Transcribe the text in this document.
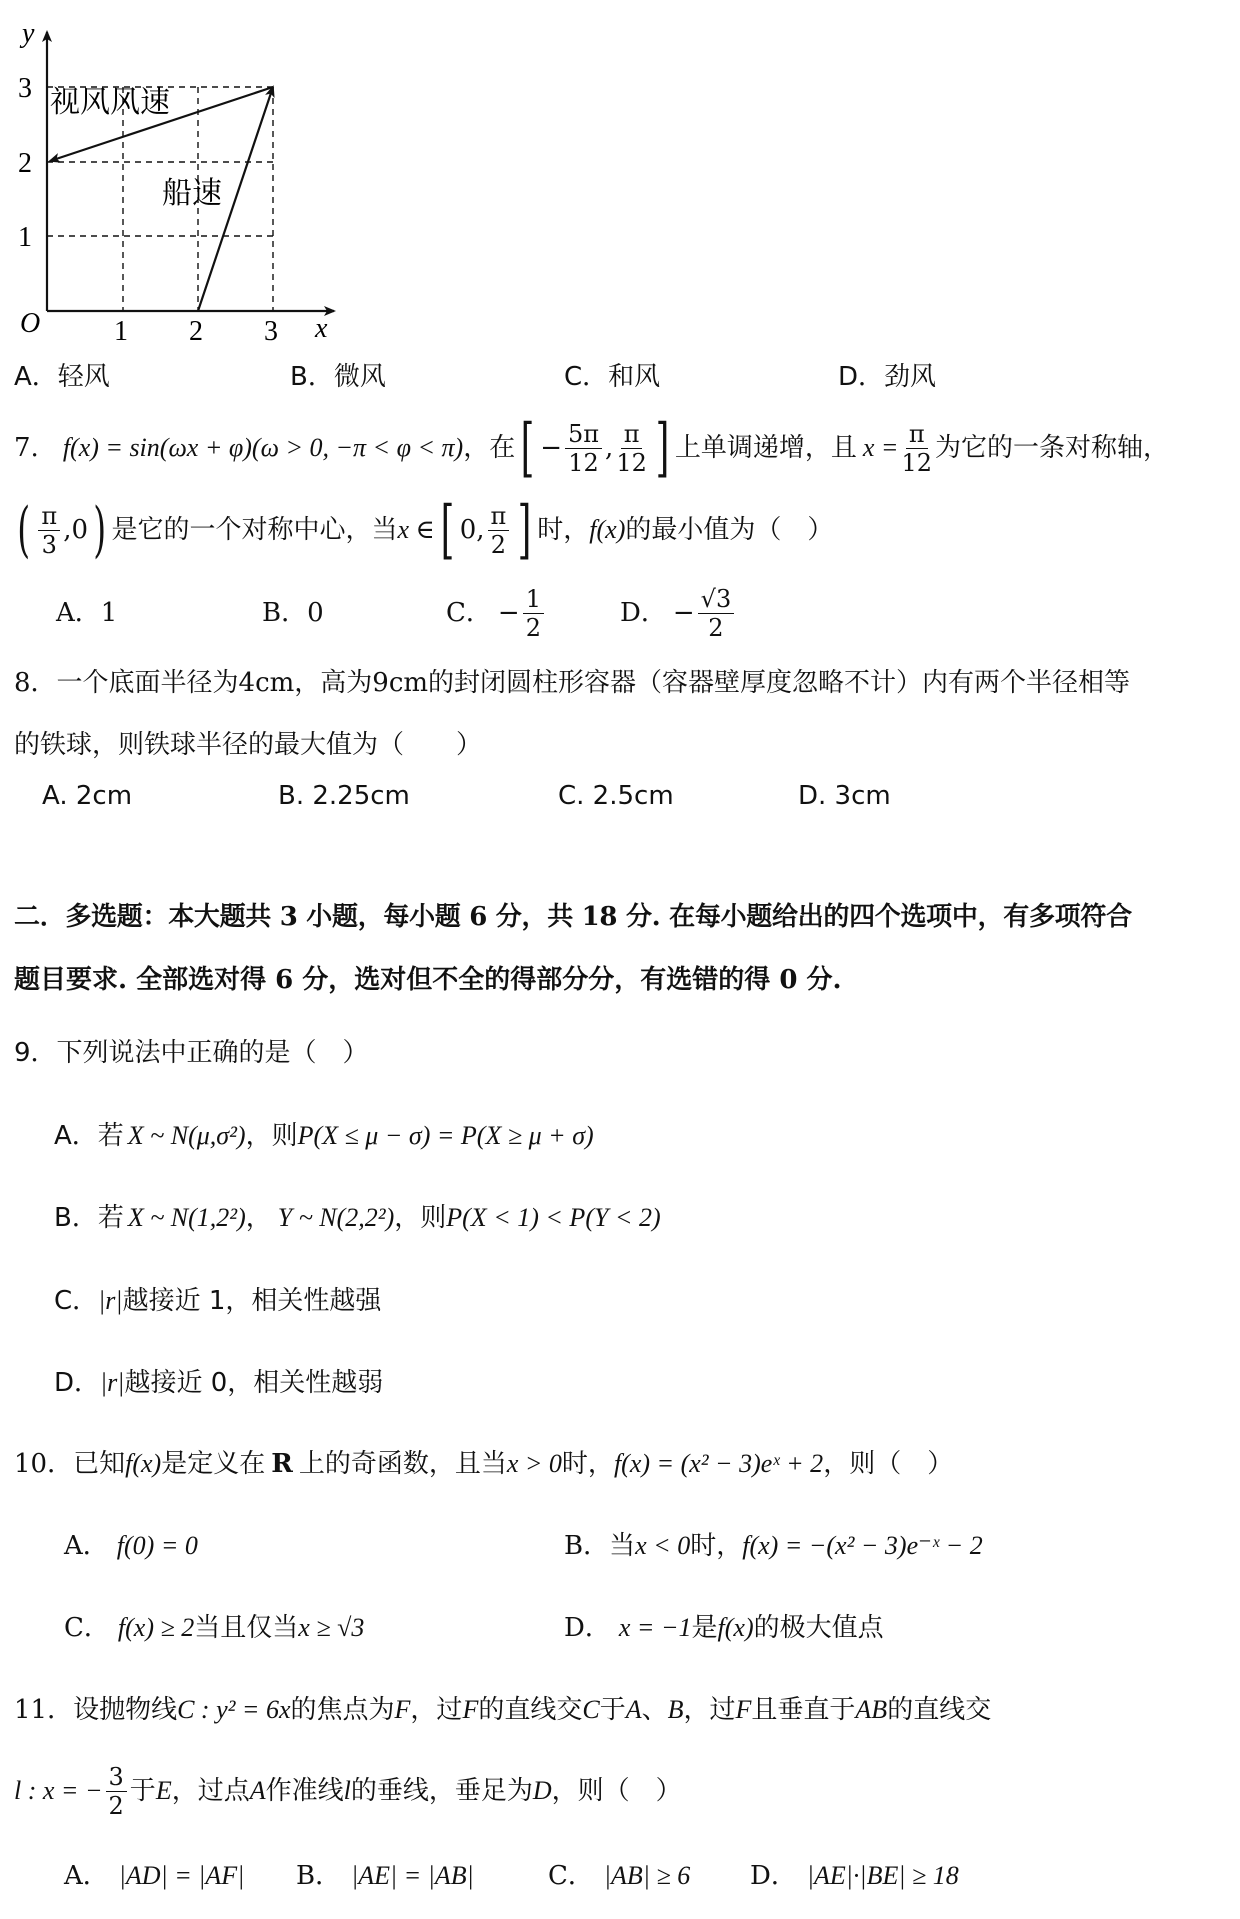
y
x
O
1
2
3
1 2 3
视风风速
船速
A．轻风	B．微风	C．和风	D．劲风
7. f(x) = sin(ωx + φ)(ω > 0, −π < φ < π) ，在 [ − $\frac{5\pi}{12}$ , $\frac{\pi}{12}$ ] 上单调递增，且 $x = \frac{\pi}{12}$ 为它的一条对称轴，
( $\frac{\pi}{3} ,0$ ) 是它的一个对称中心，当 x ∈ [ 0, $\frac{\pi}{2}$ ] 时， f(x) 的最小值为（　）
A．1	B．0	C． − $\frac{1}{2}$	D． − $\frac{√3}{2}$
8．一个底面半径为4cm，高为9cm的封闭圆柱形容器（容器壁厚度忽略不计）内有两个半径相等
的铁球，则铁球半径的最大值为（　　）
A. 2cm	B. 2.25cm	C. 2.5cm	D. 3cm
二．多选题：本大题共 3 小题，每小题 6 分，共 18 分. 在每小题给出的四个选项中，有多项符合
题目要求. 全部选对得 6 分，选对但不全的得部分分，有选错的得 0 分.
9．下列说法中正确的是（　）
A．若 X ~ N(μ,σ²) ，则 P(X ≤ μ − σ) = P(X ≥ μ + σ)
B．若 X ~ N(1,2²) ， Y ~ N(2,2²) ，则 P(X < 1) < P(Y < 2)
C． |r| 越接近 1，相关性越强
D． |r| 越接近 0，相关性越弱
10．已知 f(x) 是定义在 R 上的奇函数，且当 x > 0 时， f(x) = (x² − 3)eˣ + 2 ，则（　）
A． f(0) = 0	B．当 x < 0 时， f(x) = −(x² − 3)e⁻ˣ − 2
C． f(x) ≥ 2 当且仅当 x ≥ √3	D． x = −1 是 f(x) 的极大值点
11．设抛物线 C : y² = 6x 的焦点为 F ，过 F 的直线交 C 于 A 、 B ，过 F 且垂直于 AB 的直线交
l : x = − $\frac{3}{2}$ 于 E ，过点 A 作准线 l 的垂线，垂足为 D ，则（　）
A． |AD| = |AF| B． |AE| = |AB|	C． |AB| ≥ 6 D． |AE|·|BE| ≥ 18
